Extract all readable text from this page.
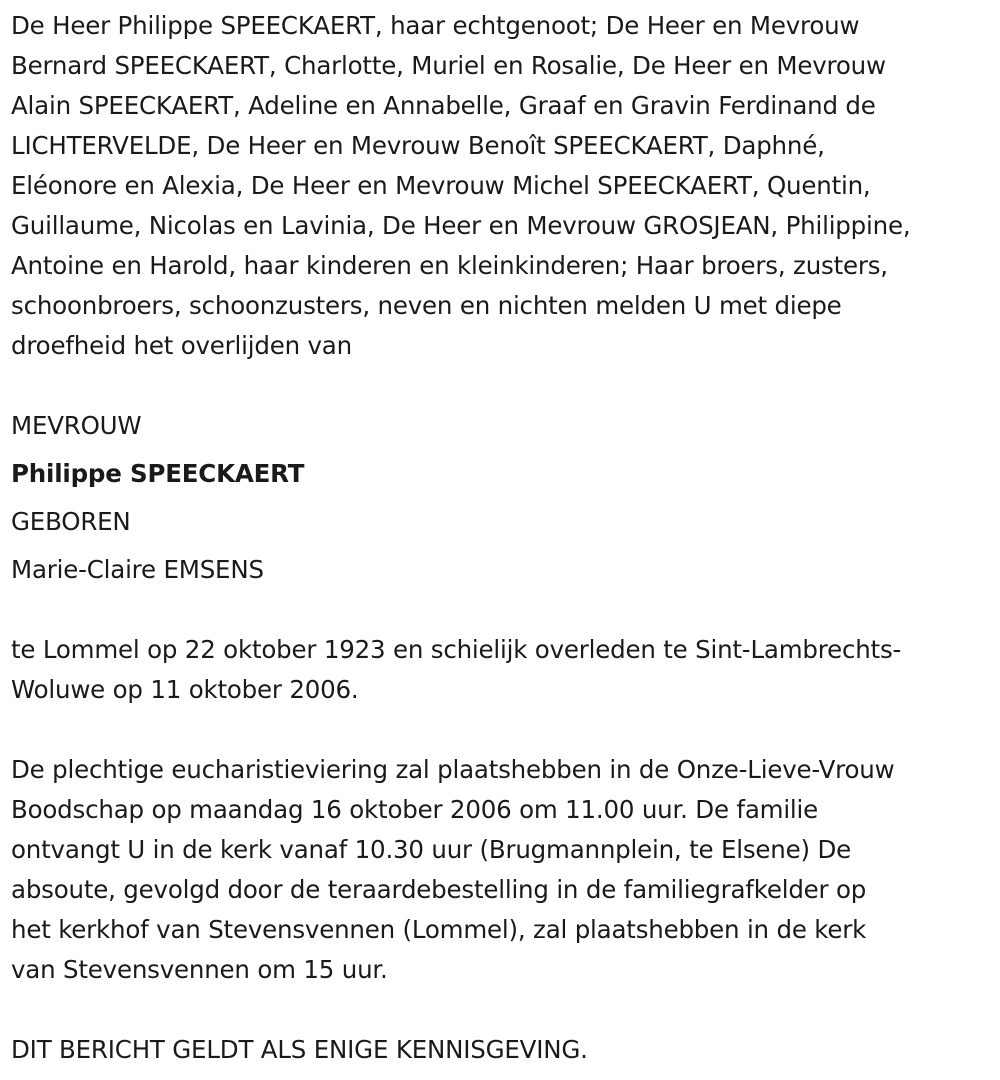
De Heer Philippe SPEECKAERT, haar echtgenoot; De Heer en Mevrouw
Bernard SPEECKAERT, Charlotte, Muriel en Rosalie, De Heer en Mevrouw
Alain SPEECKAERT, Adeline en Annabelle, Graaf en Gravin Ferdinand de
LICHTERVELDE, De Heer en Mevrouw Benoît SPEECKAERT, Daphné,
Eléonore en Alexia, De Heer en Mevrouw Michel SPEECKAERT, Quentin,
Guillaume, Nicolas en Lavinia, De Heer en Mevrouw GROSJEAN, Philippine,
Antoine en Harold, haar kinderen en kleinkinderen; Haar broers, zusters,
schoonbroers, schoonzusters, neven en nichten melden U met diepe
droefheid het overlijden van

MEVROUW
Philippe SPEECKAERT
GEBOREN
Marie-Claire EMSENS

te Lommel op 22 oktober 1923 en schielijk overleden te Sint-Lambrechts-
Woluwe op 11 oktober 2006.

De plechtige eucharistieviering zal plaatshebben in de Onze-Lieve-Vrouw
Boodschap op maandag 16 oktober 2006 om 11.00 uur. De familie
ontvangt U in de kerk vanaf 10.30 uur (Brugmannplein, te Elsene) De
absoute, gevolgd door de teraardebestelling in de familiegrafkelder op
het kerkhof van Stevensvennen (Lommel), zal plaatshebben in de kerk
van Stevensvennen om 15 uur.

DIT BERICHT GELDT ALS ENIGE KENNISGEVING.
